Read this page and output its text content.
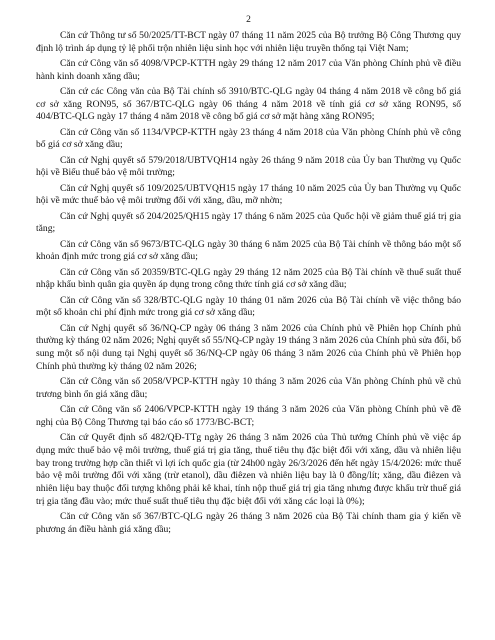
2

Căn cứ Thông tư số 50/2025/TT-BCT ngày 07 tháng 11 năm 2025 của Bộ trưởng Bộ Công Thương quy định lộ trình áp dụng tỷ lệ phối trộn nhiên liệu sinh học với nhiên liệu truyền thống tại Việt Nam;

Căn cứ Công văn số 4098/VPCP-KTTH ngày 29 tháng 12 năm 2017 của Văn phòng Chính phủ về điều hành kinh doanh xăng dầu;

Căn cứ các Công văn của Bộ Tài chính số 3910/BTC-QLG ngày 04 tháng 4 năm 2018 về công bố giá cơ sở xăng RON95, số 367/BTC-QLG ngày 06 tháng 4 năm 2018 về tính giá cơ sở xăng RON95, số 404/BTC-QLG ngày 17 tháng 4 năm 2018 về công bố giá cơ sở mặt hàng xăng RON95;

Căn cứ Công văn số 1134/VPCP-KTTH ngày 23 tháng 4 năm 2018 của Văn phòng Chính phủ về công bố giá cơ sở xăng dầu;

Căn cứ Nghị quyết số 579/2018/UBTVQH14 ngày 26 tháng 9 năm 2018 của Ủy ban Thường vụ Quốc hội về Biểu thuế bảo vệ môi trường;

Căn cứ Nghị quyết số 109/2025/UBTVQH15 ngày 17 tháng 10 năm 2025 của Ủy ban Thường vụ Quốc hội về mức thuế bảo vệ môi trường đối với xăng, dầu, mỡ nhờn;

Căn cứ Nghị quyết số 204/2025/QH15 ngày 17 tháng 6 năm 2025 của Quốc hội về giảm thuế giá trị gia tăng;

Căn cứ Công văn số 9673/BTC-QLG ngày 30 tháng 6 năm 2025 của Bộ Tài chính về thông báo một số khoản định mức trong giá cơ sở xăng dầu;

Căn cứ Công văn số 20359/BTC-QLG ngày 29 tháng 12 năm 2025 của Bộ Tài chính về thuế suất thuế nhập khẩu bình quân gia quyền áp dụng trong công thức tính giá cơ sở xăng dầu;

Căn cứ Công văn số 328/BTC-QLG ngày 10 tháng 01 năm 2026 của Bộ Tài chính về việc thông báo một số khoản chi phí định mức trong giá cơ sở xăng dầu;

Căn cứ Nghị quyết số 36/NQ-CP ngày 06 tháng 3 năm 2026 của Chính phủ về Phiên họp Chính phủ thường kỳ tháng 02 năm 2026; Nghị quyết số 55/NQ-CP ngày 19 tháng 3 năm 2026 của Chính phủ sửa đổi, bổ sung một số nội dung tại Nghị quyết số 36/NQ-CP ngày 06 tháng 3 năm 2026 của Chính phủ về Phiên họp Chính phủ thường kỳ tháng 02 năm 2026;

Căn cứ Công văn số 2058/VPCP-KTTH ngày 10 tháng 3 năm 2026 của Văn phòng Chính phủ về chủ trương bình ổn giá xăng dầu;

Căn cứ Công văn số 2406/VPCP-KTTH ngày 19 tháng 3 năm 2026 của Văn phòng Chính phủ về đề nghị của Bộ Công Thương tại báo cáo số 1773/BC-BCT;

Căn cứ Quyết định số 482/QĐ-TTg ngày 26 tháng 3 năm 2026 của Thủ tướng Chính phủ về việc áp dụng mức thuế bảo vệ môi trường, thuế giá trị gia tăng, thuế tiêu thụ đặc biệt đối với xăng, dầu và nhiên liệu bay trong trường hợp cần thiết vì lợi ích quốc gia (từ 24h00 ngày 26/3/2026 đến hết ngày 15/4/2026: mức thuế bảo vệ môi trường đối với xăng (trừ etanol), dầu điêzen và nhiên liệu bay là 0 đồng/lít; xăng, dầu điêzen và nhiên liệu bay thuộc đối tượng không phải kê khai, tính nộp thuế giá trị gia tăng nhưng được khấu trừ thuế giá trị gia tăng đầu vào; mức thuế suất thuế tiêu thụ đặc biệt đối với xăng các loại là 0%);

Căn cứ Công văn số 367/BTC-QLG ngày 26 tháng 3 năm 2026 của Bộ Tài chính tham gia ý kiến về phương án điều hành giá xăng dầu;
